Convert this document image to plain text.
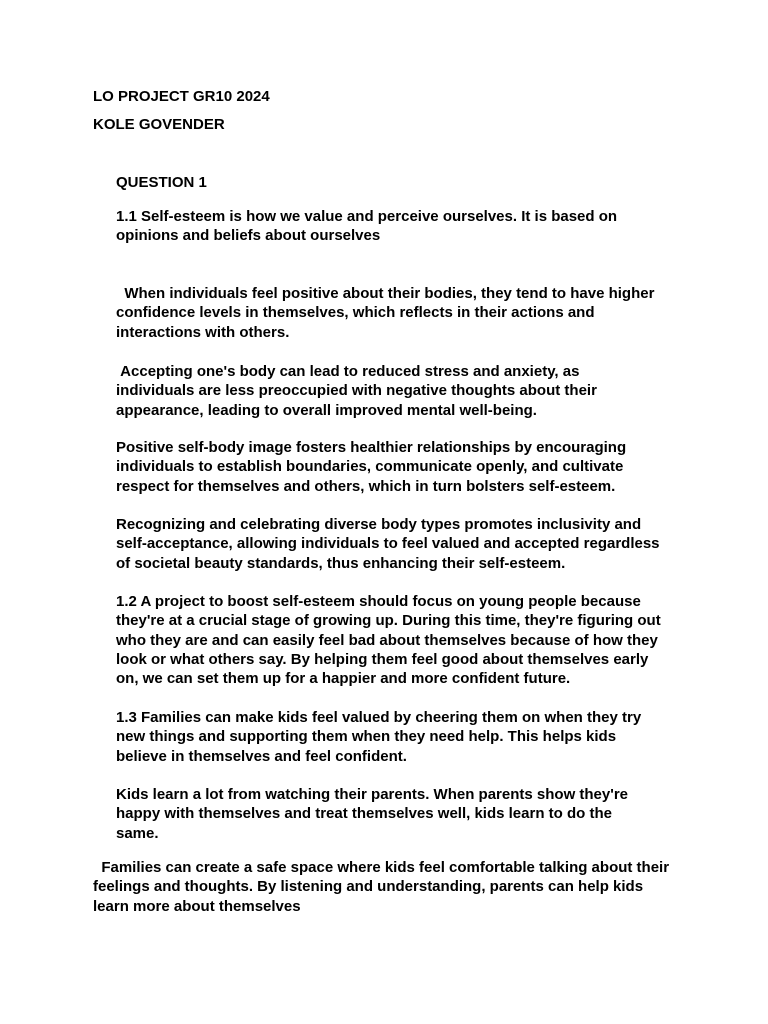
LO PROJECT GR10 2024
KOLE GOVENDER
QUESTION 1

1.1 Self-esteem is how we value and perceive ourselves. It is based on opinions and beliefs about ourselves

When individuals feel positive about their bodies, they tend to have higher confidence levels in themselves, which reflects in their actions and interactions with others.

Accepting one's body can lead to reduced stress and anxiety, as individuals are less preoccupied with negative thoughts about their appearance, leading to overall improved mental well-being.

Positive self-body image fosters healthier relationships by encouraging individuals to establish boundaries, communicate openly, and cultivate respect for themselves and others, which in turn bolsters self-esteem.

Recognizing and celebrating diverse body types promotes inclusivity and self-acceptance, allowing individuals to feel valued and accepted regardless of societal beauty standards, thus enhancing their self-esteem.

1.2 A project to boost self-esteem should focus on young people because they're at a crucial stage of growing up. During this time, they're figuring out who they are and can easily feel bad about themselves because of how they look or what others say. By helping them feel good about themselves early on, we can set them up for a happier and more confident future.

1.3 Families can make kids feel valued by cheering them on when they try new things and supporting them when they need help. This helps kids believe in themselves and feel confident.

Kids learn a lot from watching their parents. When parents show they're happy with themselves and treat themselves well, kids learn to do the same.

Families can create a safe space where kids feel comfortable talking about their feelings and thoughts. By listening and understanding, parents can help kids learn more about themselves
